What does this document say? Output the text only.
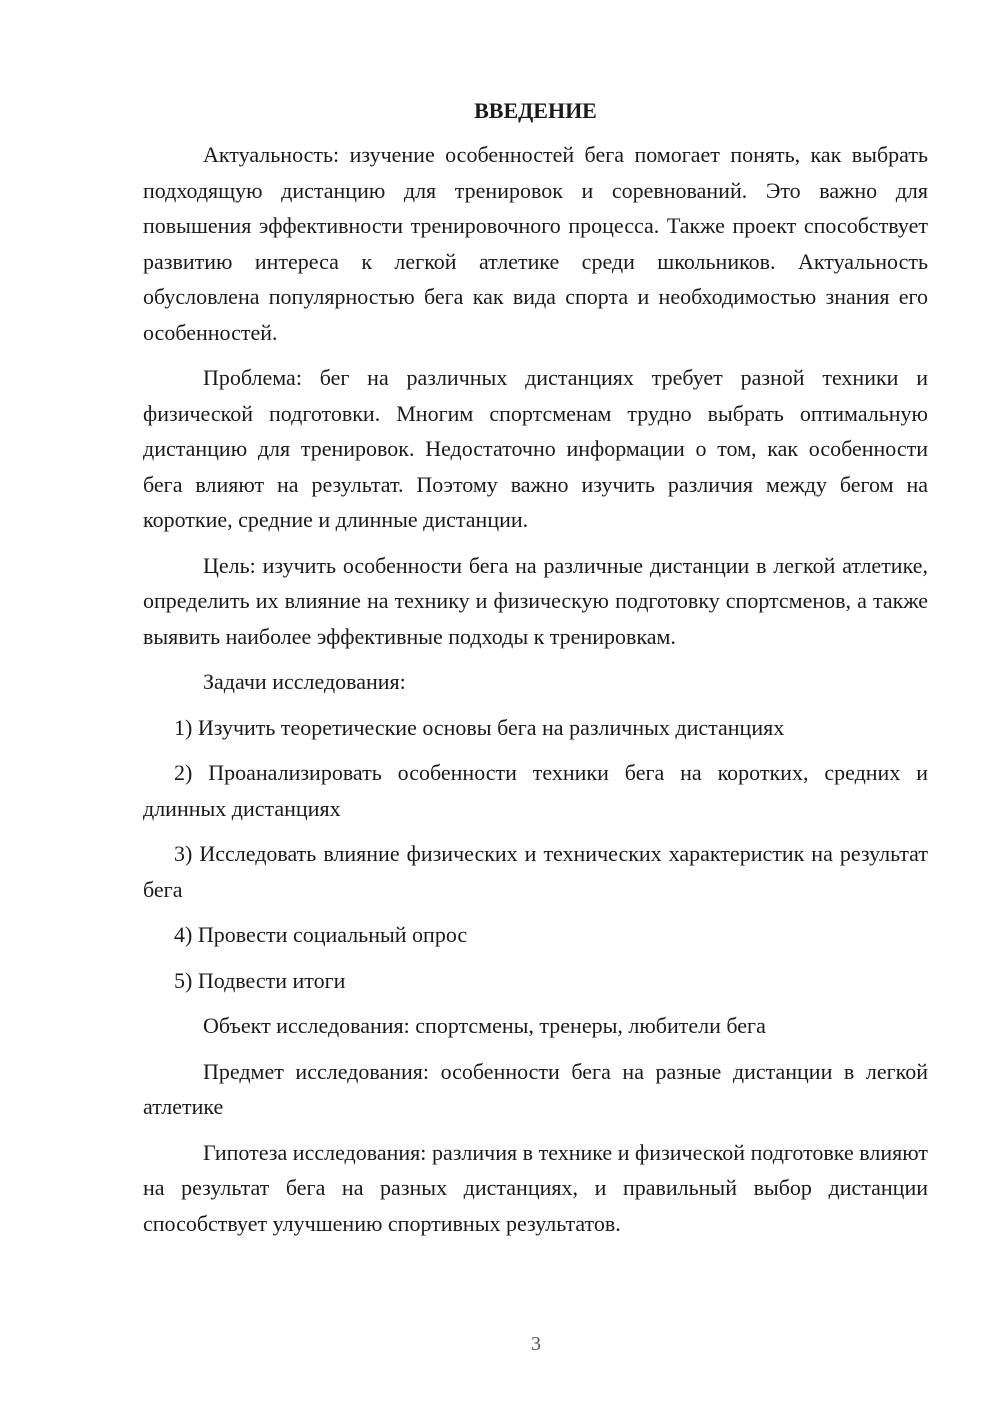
ВВЕДЕНИЕ

Актуальность: изучение особенностей бега помогает понять, как выбрать подходящую дистанцию для тренировок и соревнований. Это важно для повышения эффективности тренировочного процесса. Также проект способствует развитию интереса к легкой атлетике среди школьников. Актуальность обусловлена популярностью бега как вида спорта и необходимостью знания его особенностей.

Проблема: бег на различных дистанциях требует разной техники и физической подготовки. Многим спортсменам трудно выбрать оптимальную дистанцию для тренировок. Недостаточно информации о том, как особенности бега влияют на результат. Поэтому важно изучить различия между бегом на короткие, средние и длинные дистанции.

Цель: изучить особенности бега на различные дистанции в легкой атлетике, определить их влияние на технику и физическую подготовку спортсменов, а также выявить наиболее эффективные подходы к тренировкам.

Задачи исследования:

1) Изучить теоретические основы бега на различных дистанциях

2) Проанализировать особенности техники бега на коротких, средних и длинных дистанциях

3) Исследовать влияние физических и технических характеристик на результат бега

4) Провести социальный опрос

5) Подвести итоги

Объект исследования: спортсмены, тренеры, любители бега

Предмет исследования: особенности бега на разные дистанции в легкой атлетике

Гипотеза исследования: различия в технике и физической подготовке влияют на результат бега на разных дистанциях, и правильный выбор дистанции способствует улучшению спортивных результатов.

3
